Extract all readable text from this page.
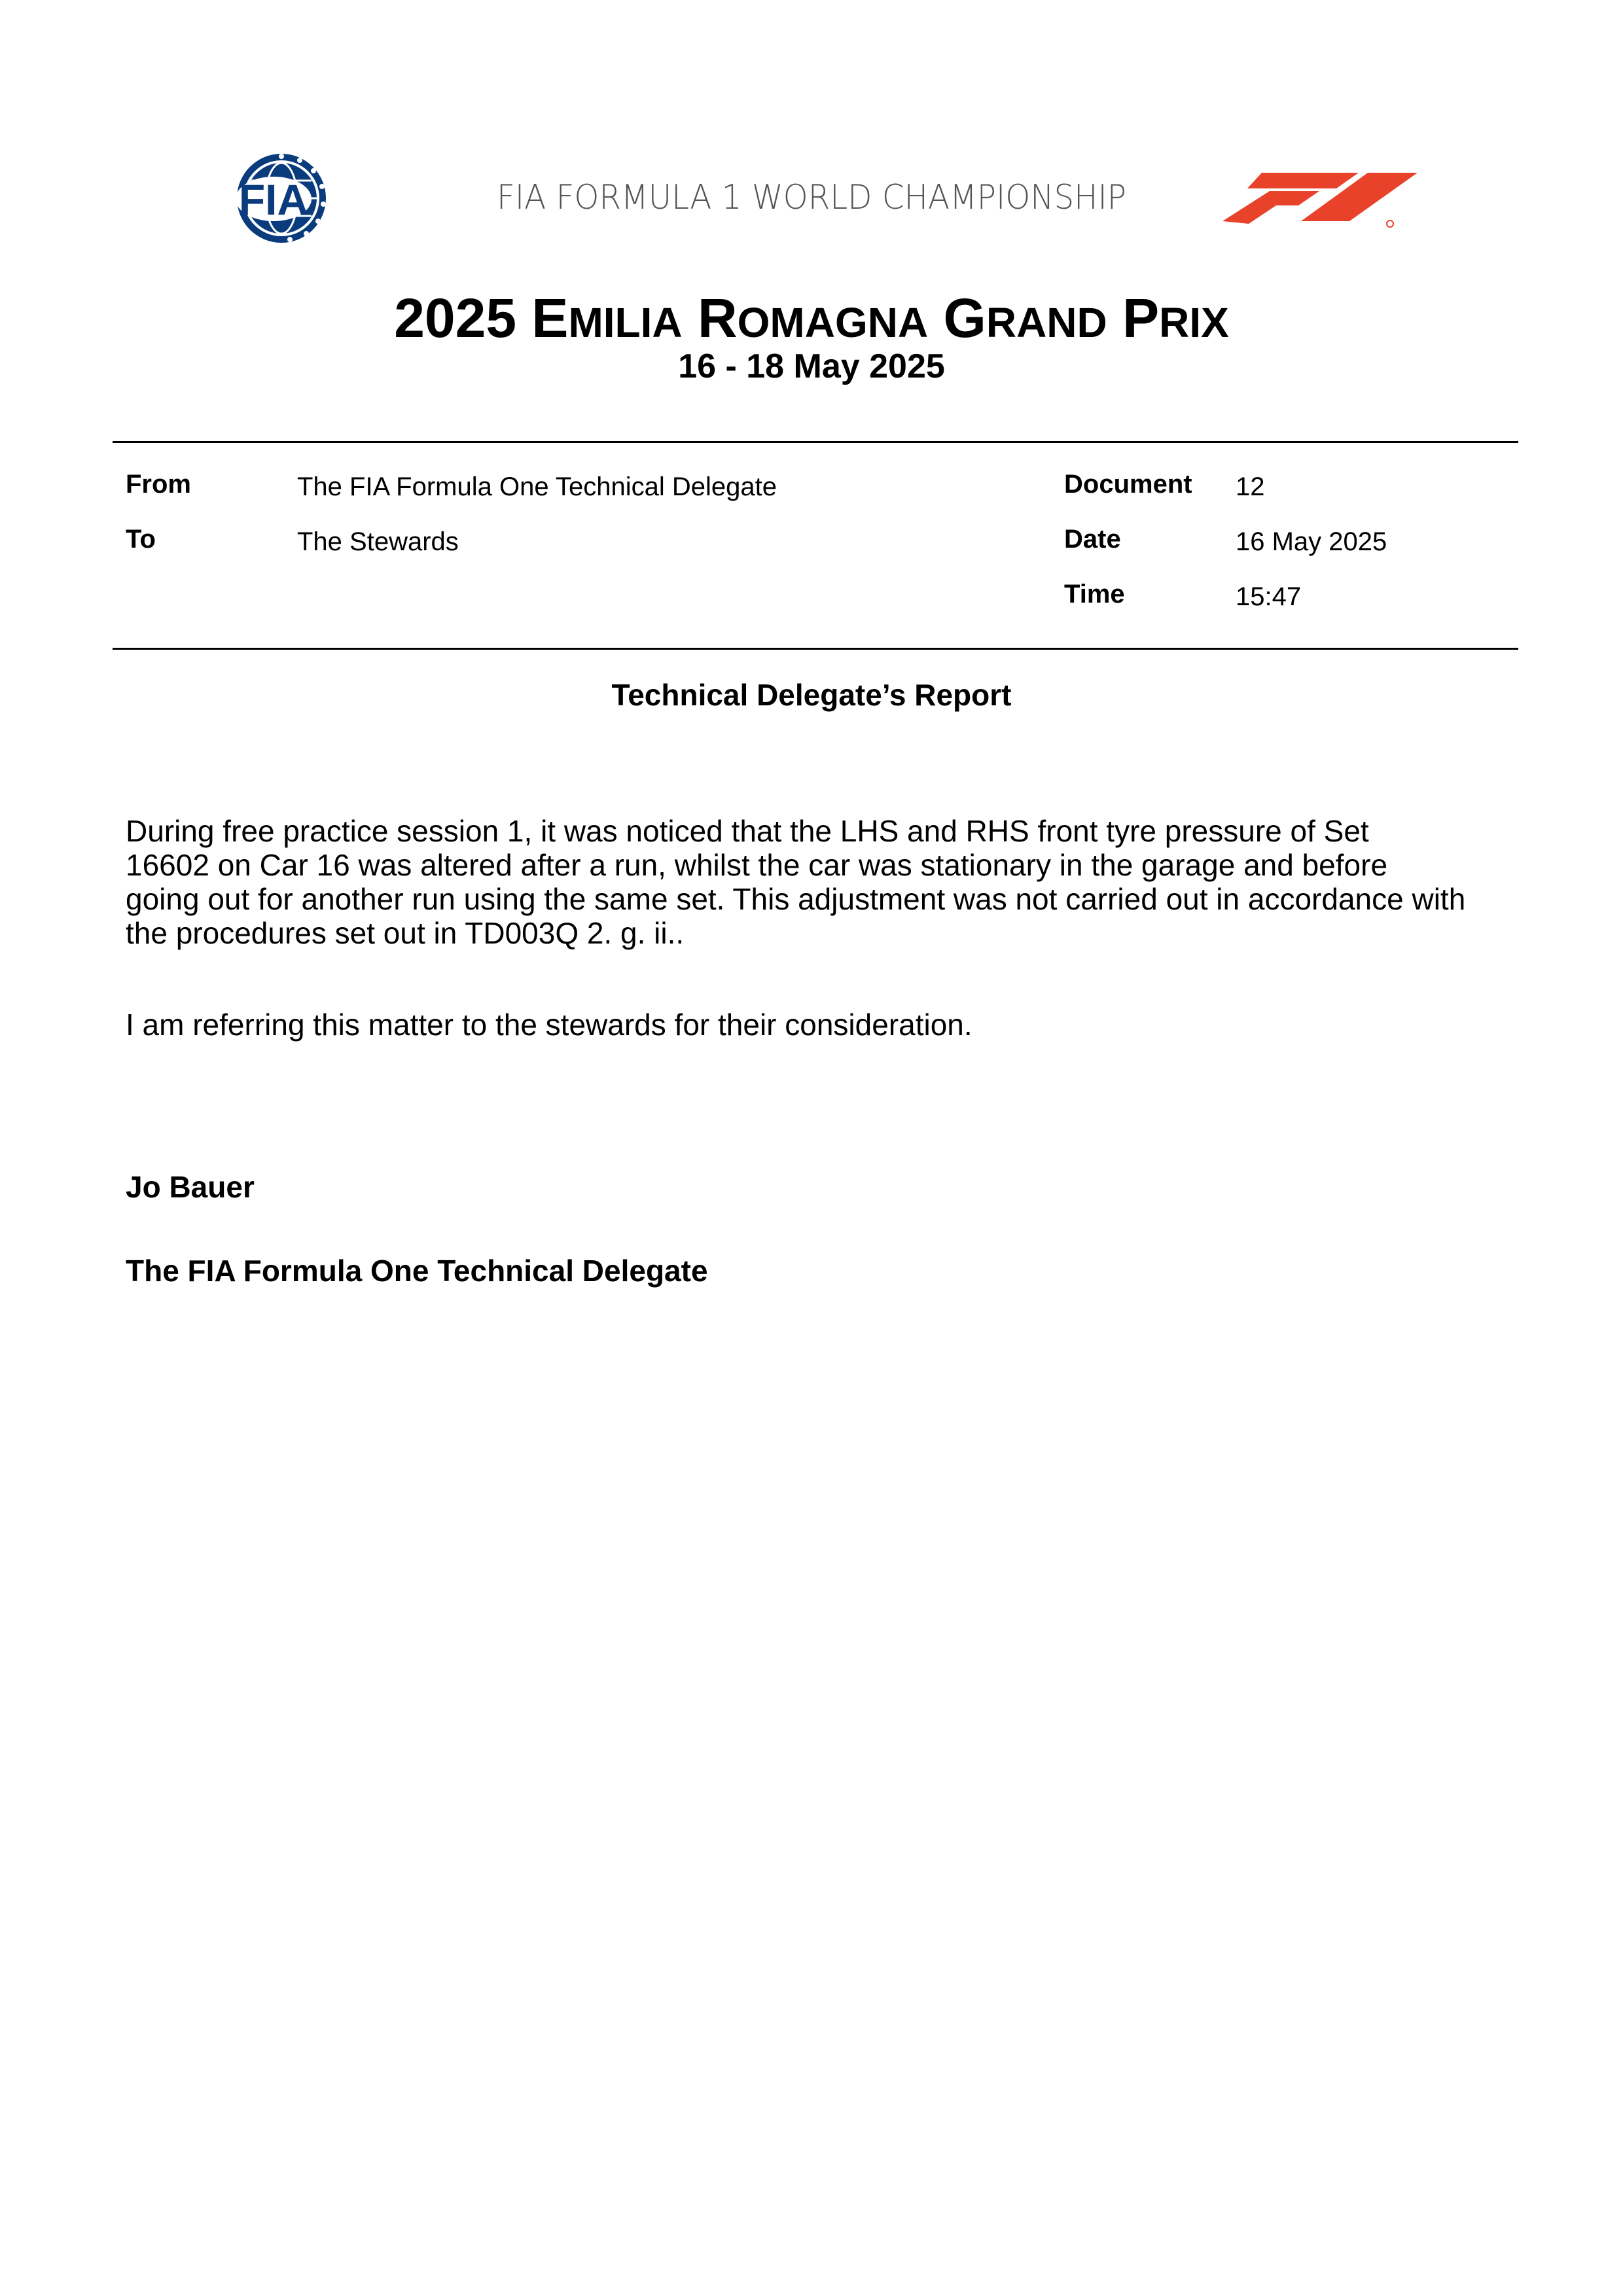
FIA	FIA FORMULA 1 WORLD CHAMPIONSHIP
2025 EMILIA ROMAGNA GRAND PRIX
16 - 18 May 2025
From	The FIA Formula One Technical Delegate
To	The Stewards
Document 12
Date	16 May 2025
Time	15:47
Technical Delegate’s Report
During free practice session 1, it was noticed that the LHS and RHS front tyre pressure of Set
16602 on Car 16 was altered after a run, whilst the car was stationary in the garage and before
going out for another run using the same set. This adjustment was not carried out in accordance with
the procedures set out in TD003Q 2. g. ii..
I am referring this matter to the stewards for their consideration.
Jo Bauer
The FIA Formula One Technical Delegate
